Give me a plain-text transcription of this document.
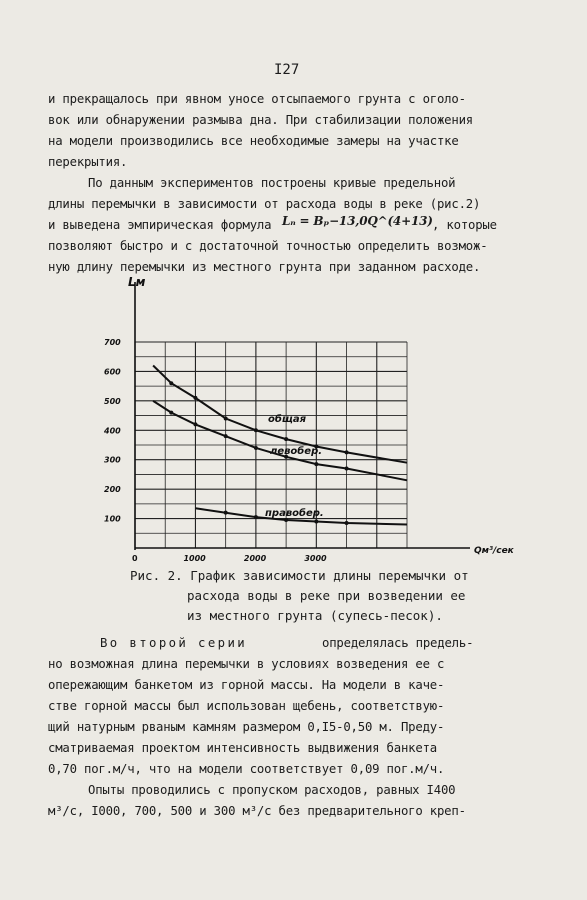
I27
и прекращалось при явном уносе отсыпаемого грунта с оголо-
вок или обнаружении размыва дна. При стабилизации положения
на модели производились все необходимые замеры на участке
перекрытия.
По данным экспериментов построены кривые предельной
длины перемычки в зависимости от расхода воды в реке (рис.2)
и выведена эмпирическая формула Lₙ = Bₚ−13,0Q^(4+13) , которые
позволяют быстро и с достаточной точностью определить возмож-
ную длину перемычки из местного грунта при заданном расходе.
общая
левобер.
правобер.
100
200
300
400
500
600
700
1000	2000	3000
0
Lм
Qм³/сек
Рис. 2. График зависимости длины перемычки от
расхода воды в реке при возведении ее
из местного грунта (супесь-песок).
Во второй серии	определялась предель-
но возможная длина перемычки в условиях возведения ее с
опережающим банкетом из горной массы. На модели в каче-
стве горной массы был использован щебень, соответствую-
щий натурным рваным камням размером 0,I5-0,50 м. Преду-
сматриваемая проектом интенсивность выдвижения банкета
0,70 пог.м/ч, что на модели соответствует 0,09 пог.м/ч.
Опыты проводились с пропуском расходов, равных I400
м³/с, I000, 700, 500 и 300 м³/с без предварительного креп-
